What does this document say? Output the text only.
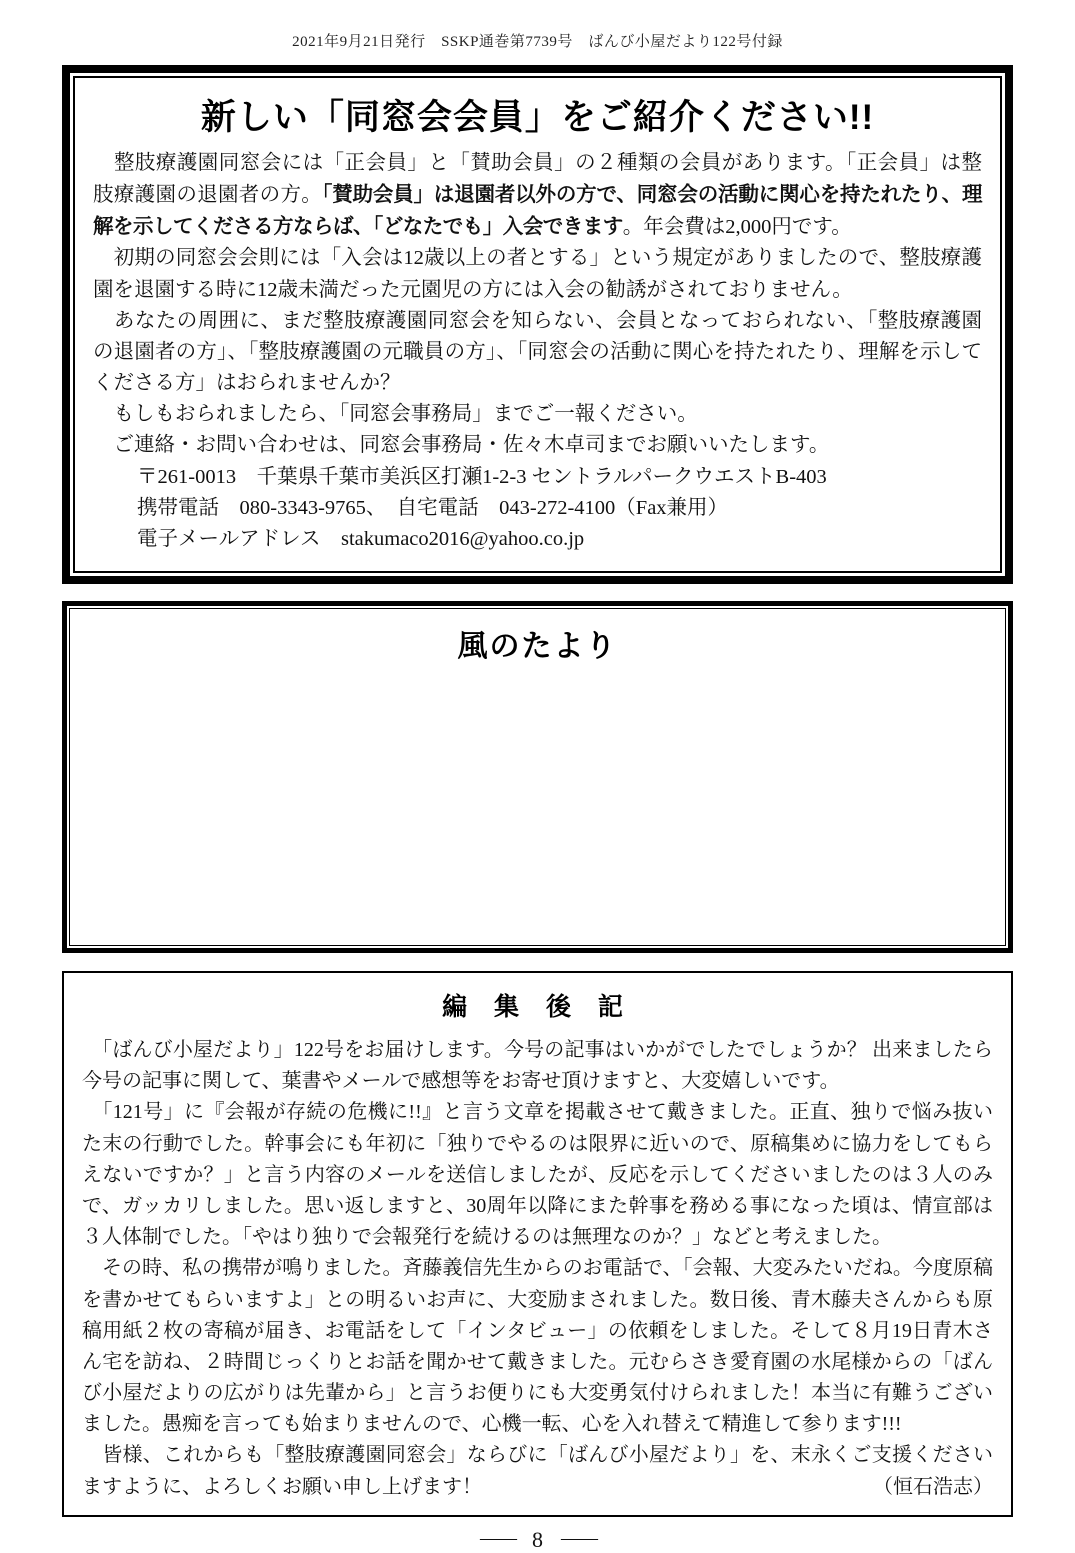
2021年9月21日発行　SSKP通巻第7739号　ばんび小屋だより122号付録
新しい「同窓会会員」をご紹介ください!!

　整肢療護園同窓会には「正会員」と「賛助会員」の２種類の会員があります。「正会員」は整肢療護園の退園者の方。「賛助会員」は退園者以外の方で、同窓会の活動に関心を持たれたり、理解を示してくださる方ならば、「どなたでも」入会できます。年会費は2,000円です。

　初期の同窓会会則には「入会は12歳以上の者とする」という規定がありましたので、整肢療護園を退園する時に12歳未満だった元園児の方には入会の勧誘がされておりません。

　あなたの周囲に、まだ整肢療護園同窓会を知らない、会員となっておられない、「整肢療護園の退園者の方」、「整肢療護園の元職員の方」、「同窓会の活動に関心を持たれたり、理解を示してくださる方」はおられませんか？

　もしもおられましたら、「同窓会事務局」までご一報ください。

　ご連絡・お問い合わせは、同窓会事務局・佐々木卓司までお願いいたします。

〒261-0013　千葉県千葉市美浜区打瀬1-2-3 セントラルパークウエストB-403

携帯電話　080-3343-9765、　自宅電話　043-272-4100（Fax兼用）

電子メールアドレス　stakumaco2016@yahoo.co.jp

風のたより
編 集 後 記

　「ばんび小屋だより」122号をお届けします。今号の記事はいかがでしたでしょうか？ 出来ましたら今号の記事に関して、葉書やメールで感想等をお寄せ頂けますと、大変嬉しいです。

　「121号」に『会報が存続の危機に!!』と言う文章を掲載させて戴きました。正直、独りで悩み抜いた末の行動でした。幹事会にも年初に「独りでやるのは限界に近いので、原稿集めに協力をしてもらえないですか？」と言う内容のメールを送信しましたが、反応を示してくださいましたのは３人のみで、ガッカリしました。思い返しますと、30周年以降にまた幹事を務める事になった頃は、情宣部は３人体制でした。「やはり独りで会報発行を続けるのは無理なのか？」などと考えました。

　その時、私の携帯が鳴りました。斉藤義信先生からのお電話で、「会報、大変みたいだね。今度原稿を書かせてもらいますよ」との明るいお声に、大変励まされました。数日後、青木藤夫さんからも原稿用紙２枚の寄稿が届き、お電話をして「インタビュー」の依頼をしました。そして８月19日青木さん宅を訪ね、２時間じっくりとお話を聞かせて戴きました。元むらさき愛育園の水尾様からの「ばんび小屋だよりの広がりは先輩から」と言うお便りにも大変勇気付けられました！本当に有難うございました。愚痴を言っても始まりませんので、心機一転、心を入れ替えて精進して参ります!!!

　皆様、これからも「整肢療護園同窓会」ならびに「ばんび小屋だより」を、末永くご支援くださいますように、よろしくお願い申し上げます！	（恒石浩志）

—— 8 ——
